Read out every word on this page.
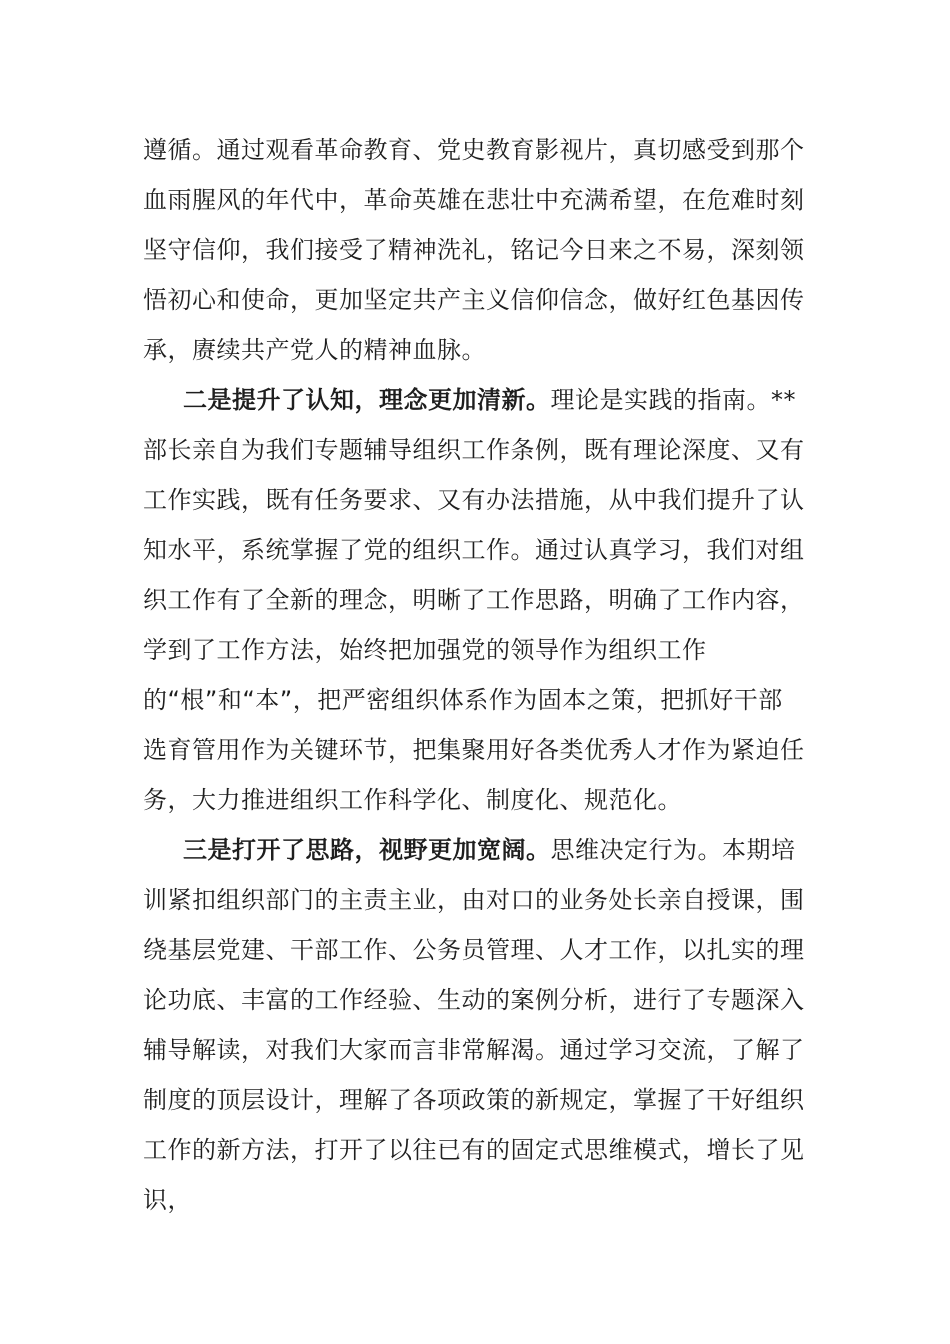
遵循。通过观看革命教育、党史教育影视片，真切感受到那个血雨腥风的年代中，革命英雄在悲壮中充满希望，在危难时刻坚守信仰，我们接受了精神洗礼，铭记今日来之不易，深刻领悟初心和使命，更加坚定共产主义信仰信念，做好红色基因传承，赓续共产党人的精神血脉。

二是提升了认知，理念更加清新。理论是实践的指南。**部长亲自为我们专题辅导组织工作条例，既有理论深度、又有工作实践，既有任务要求、又有办法措施，从中我们提升了认知水平，系统掌握了党的组织工作。通过认真学习，我们对组织工作有了全新的理念，明晰了工作思路，明确了工作内容，学到了工作方法，始终把加强党的领导作为组织工作的“根”和“本”，把严密组织体系作为固本之策，把抓好干部选育管用作为关键环节，把集聚用好各类优秀人才作为紧迫任务，大力推进组织工作科学化、制度化、规范化。

三是打开了思路，视野更加宽阔。思维决定行为。本期培训紧扣组织部门的主责主业，由对口的业务处长亲自授课，围绕基层党建、干部工作、公务员管理、人才工作，以扎实的理论功底、丰富的工作经验、生动的案例分析，进行了专题深入辅导解读，对我们大家而言非常解渴。通过学习交流，了解了制度的顶层设计，理解了各项政策的新规定，掌握了干好组织工作的新方法，打开了以往已有的固定式思维模式，增长了见识，
